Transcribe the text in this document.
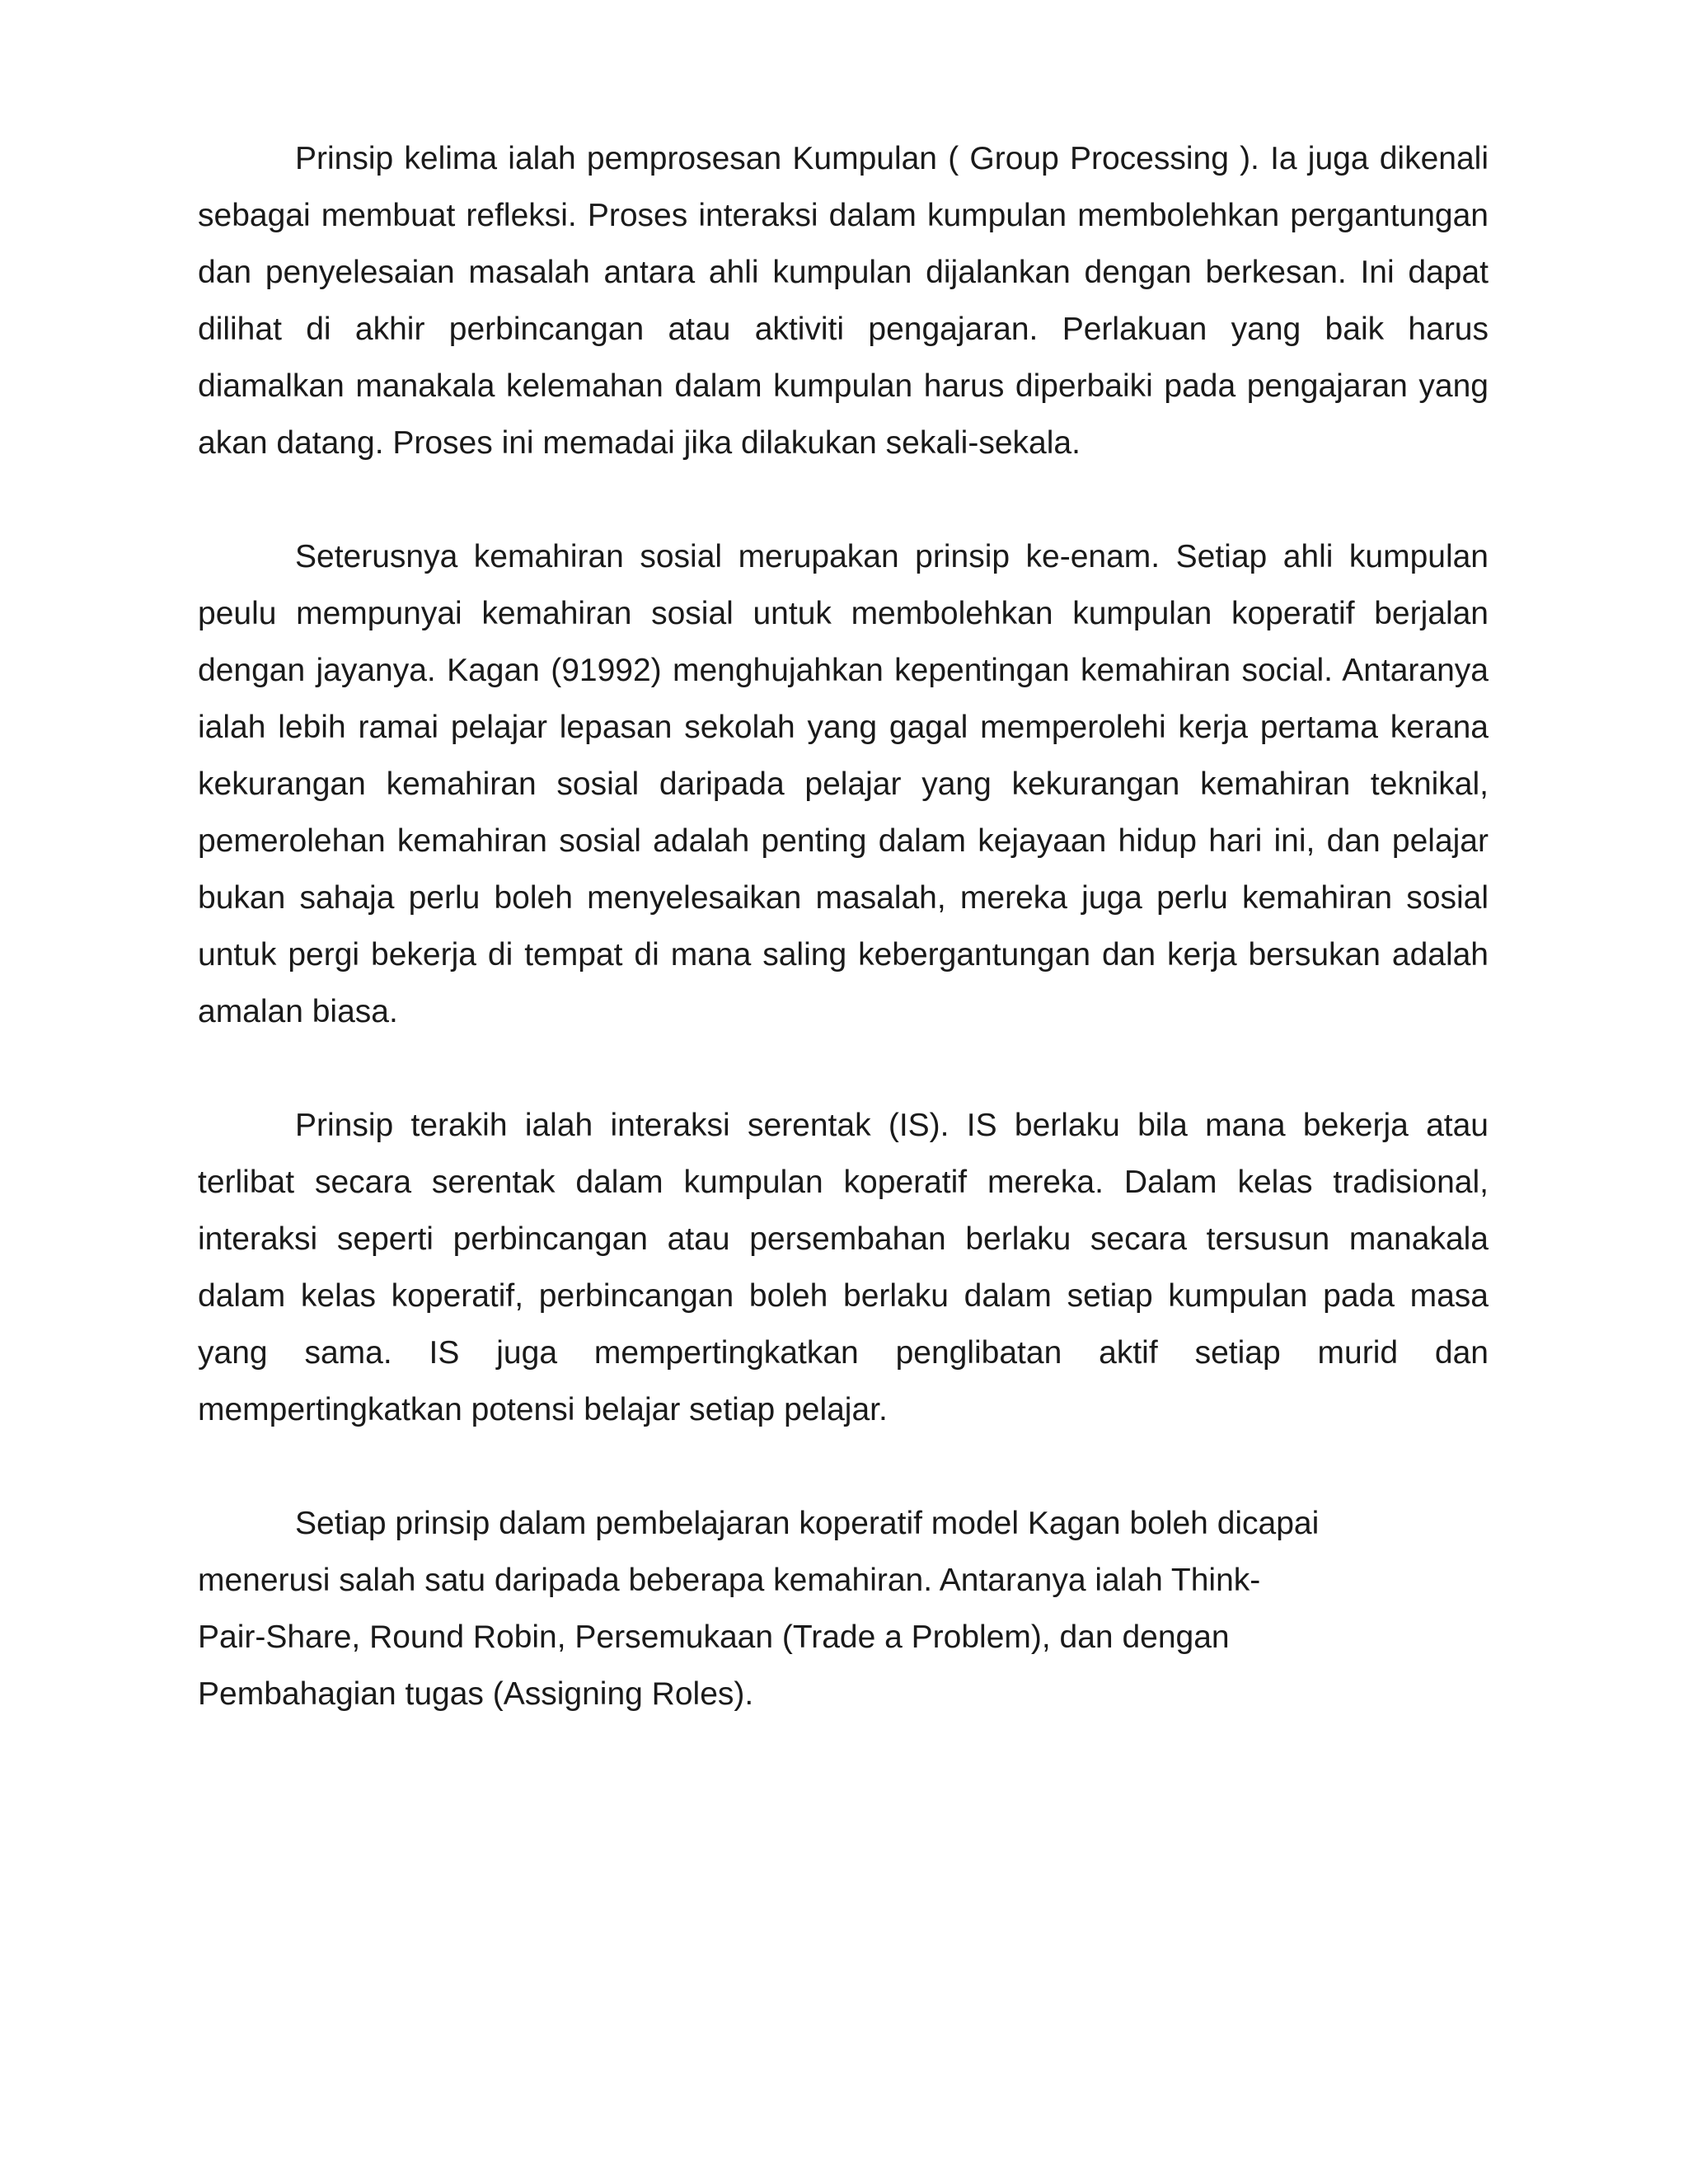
Prinsip kelima ialah pemprosesan Kumpulan ( Group Processing ). Ia juga dikenali sebagai membuat refleksi. Proses interaksi dalam kumpulan membolehkan pergantungan dan penyelesaian masalah antara ahli kumpulan dijalankan dengan berkesan. Ini dapat dilihat di akhir perbincangan atau aktiviti pengajaran. Perlakuan yang baik harus diamalkan manakala kelemahan dalam kumpulan harus diperbaiki pada pengajaran yang akan datang. Proses ini memadai jika dilakukan sekali-sekala.

Seterusnya kemahiran sosial merupakan prinsip ke-enam. Setiap ahli kumpulan peulu mempunyai kemahiran sosial untuk membolehkan kumpulan koperatif berjalan dengan jayanya. Kagan (91992) menghujahkan kepentingan kemahiran social. Antaranya ialah lebih ramai pelajar lepasan sekolah yang gagal memperolehi kerja pertama kerana kekurangan kemahiran sosial daripada pelajar yang kekurangan kemahiran teknikal, pemerolehan kemahiran sosial adalah penting dalam kejayaan hidup hari ini, dan pelajar bukan sahaja perlu boleh menyelesaikan masalah, mereka juga perlu kemahiran sosial untuk pergi bekerja di tempat di mana saling kebergantungan dan kerja bersukan adalah amalan biasa.

Prinsip terakih ialah interaksi serentak (IS). IS berlaku bila mana bekerja atau terlibat secara serentak dalam kumpulan koperatif mereka. Dalam kelas tradisional, interaksi seperti perbincangan atau persembahan berlaku secara tersusun manakala dalam kelas koperatif, perbincangan boleh berlaku dalam setiap kumpulan pada masa yang sama. IS juga mempertingkatkan penglibatan aktif setiap murid dan mempertingkatkan potensi belajar setiap pelajar.

Setiap prinsip dalam pembelajaran koperatif model Kagan boleh dicapai
menerusi salah satu daripada beberapa kemahiran. Antaranya ialah Think-
Pair-Share, Round Robin, Persemukaan (Trade a Problem), dan dengan
Pembahagian tugas (Assigning Roles).
